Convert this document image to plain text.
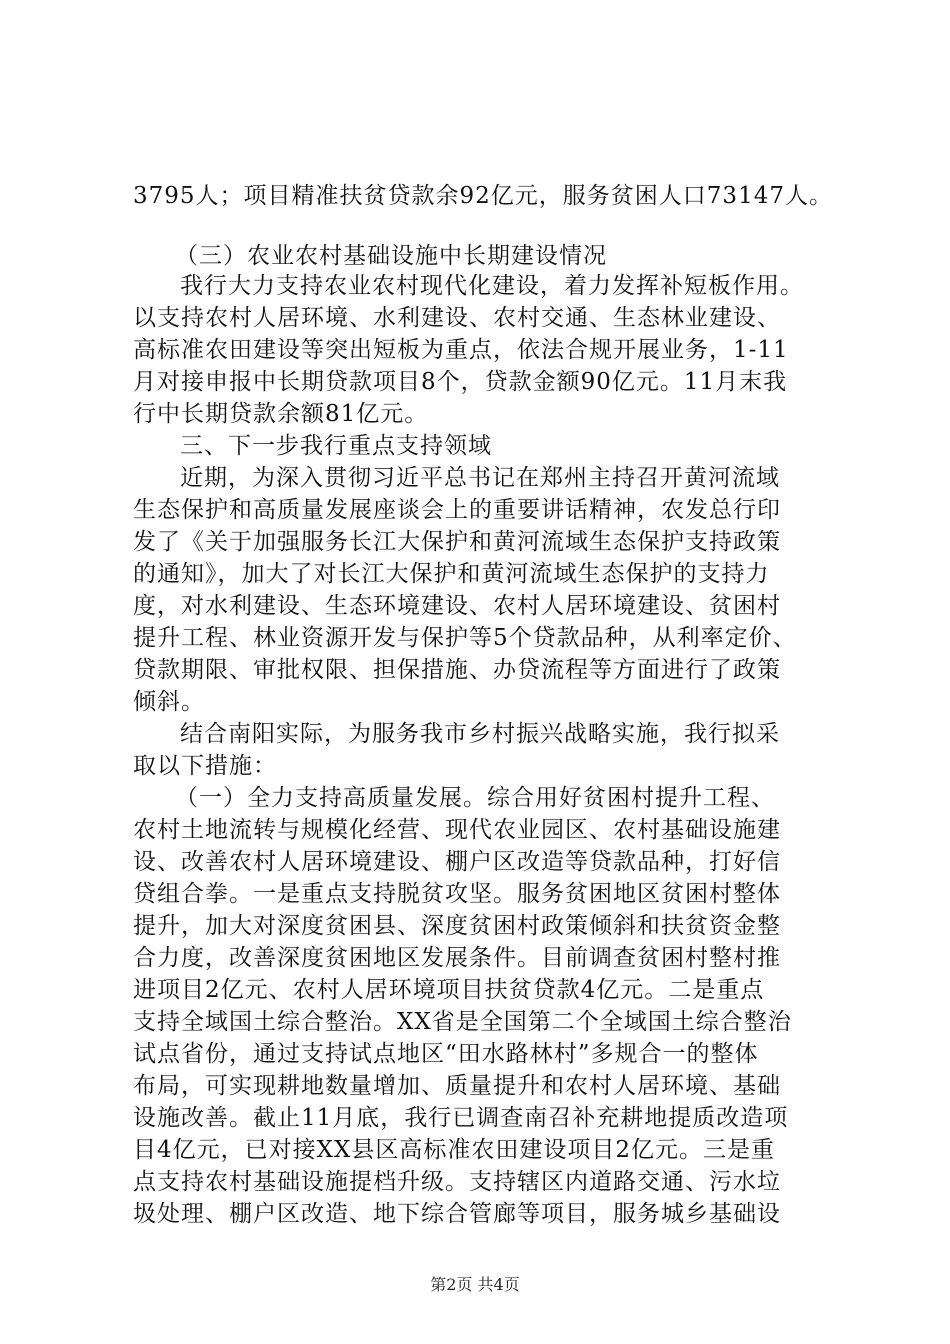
3795人；项目精准扶贫贷款余92亿元，服务贫困人口73147人。
（三）农业农村基础设施中长期建设情况
我行大力支持农业农村现代化建设，着力发挥补短板作用。
以支持农村人居环境、水利建设、农村交通、生态林业建设、
高标准农田建设等突出短板为重点，依法合规开展业务，1-11
月对接申报中长期贷款项目8个，贷款金额90亿元。11月末我
行中长期贷款余额81亿元。
三、下一步我行重点支持领域
近期，为深入贯彻习近平总书记在郑州主持召开黄河流域
生态保护和高质量发展座谈会上的重要讲话精神，农发总行印
发了《关于加强服务长江大保护和黄河流域生态保护支持政策
的通知》，加大了对长江大保护和黄河流域生态保护的支持力
度，对水利建设、生态环境建设、农村人居环境建设、贫困村
提升工程、林业资源开发与保护等5个贷款品种，从利率定价、
贷款期限、审批权限、担保措施、办贷流程等方面进行了政策
倾斜。
结合南阳实际，为服务我市乡村振兴战略实施，我行拟采
取以下措施：
（一）全力支持高质量发展。综合用好贫困村提升工程、
农村土地流转与规模化经营、现代农业园区、农村基础设施建
设、改善农村人居环境建设、棚户区改造等贷款品种，打好信
贷组合拳。一是重点支持脱贫攻坚。服务贫困地区贫困村整体
提升，加大对深度贫困县、深度贫困村政策倾斜和扶贫资金整
合力度，改善深度贫困地区发展条件。目前调查贫困村整村推
进项目2亿元、农村人居环境项目扶贫贷款4亿元。二是重点
支持全域国土综合整治。XX省是全国第二个全域国土综合整治
试点省份，通过支持试点地区“田水路林村”多规合一的整体
布局，可实现耕地数量增加、质量提升和农村人居环境、基础
设施改善。截止11月底，我行已调查南召补充耕地提质改造项
目4亿元，已对接XX县区高标准农田建设项目2亿元。三是重
点支持农村基础设施提档升级。支持辖区内道路交通、污水垃
圾处理、棚户区改造、地下综合管廊等项目，服务城乡基础设
第2页 共4页
